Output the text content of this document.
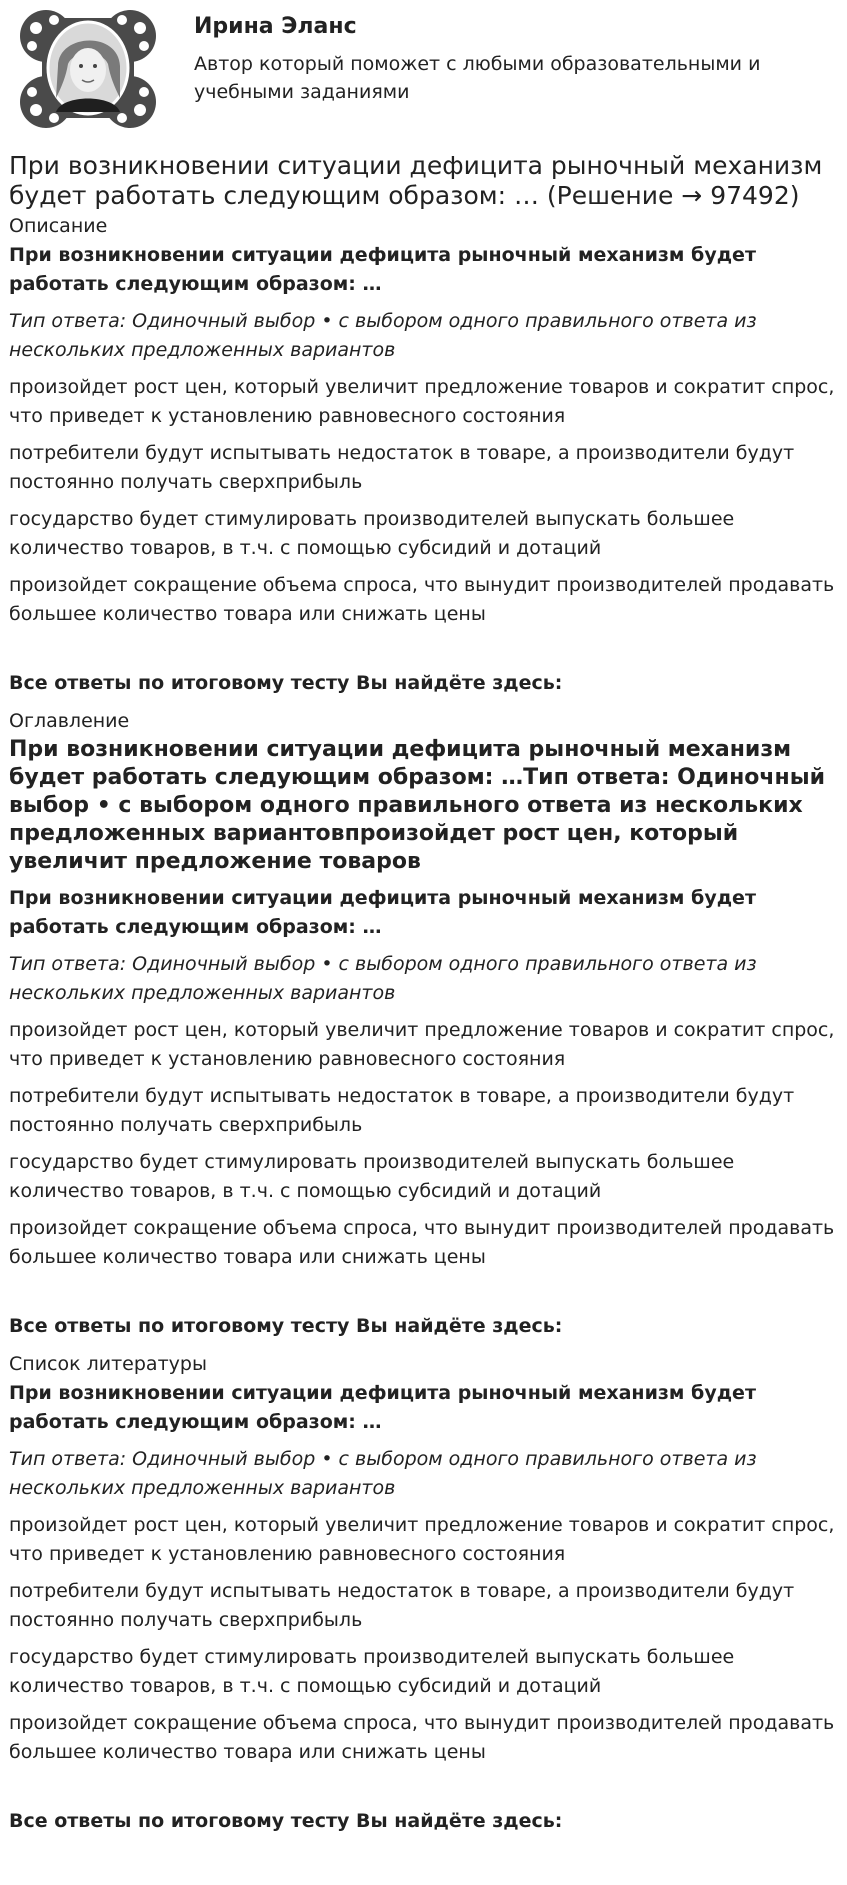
Ирина Эланс
Автор который поможет с любыми образовательными и учебными заданиями
При возникновении ситуации дефицита рыночный механизм будет работать следующим образом: … (Решение → 97492)
Описание
При возникновении ситуации дефицита рыночный механизм будет работать следующим образом: …
Тип ответа: Одиночный выбор • с выбором одного правильного ответа из нескольких предложенных вариантов
произойдет рост цен, который увеличит предложение товаров и сократит спрос, что приведет к установлению равновесного состояния
потребители будут испытывать недостаток в товаре, а производители будут постоянно получать сверхприбыль
государство будет стимулировать производителей выпускать большее количество товаров, в т.ч. с помощью субсидий и дотаций
произойдет сокращение объема спроса, что вынудит производителей продавать большее количество товара или снижать цены
Все ответы по итоговому тесту Вы найдёте здесь:
Оглавление
При возникновении ситуации дефицита рыночный механизм будет работать следующим образом: …Тип ответа: Одиночный выбор • с выбором одного правильного ответа из нескольких предложенных вариантовпроизойдет рост цен, который увеличит предложение товаров
При возникновении ситуации дефицита рыночный механизм будет работать следующим образом: …
Тип ответа: Одиночный выбор • с выбором одного правильного ответа из нескольких предложенных вариантов
произойдет рост цен, который увеличит предложение товаров и сократит спрос, что приведет к установлению равновесного состояния
потребители будут испытывать недостаток в товаре, а производители будут постоянно получать сверхприбыль
государство будет стимулировать производителей выпускать большее количество товаров, в т.ч. с помощью субсидий и дотаций
произойдет сокращение объема спроса, что вынудит производителей продавать большее количество товара или снижать цены
Все ответы по итоговому тесту Вы найдёте здесь:
Список литературы
При возникновении ситуации дефицита рыночный механизм будет работать следующим образом: …
Тип ответа: Одиночный выбор • с выбором одного правильного ответа из нескольких предложенных вариантов
произойдет рост цен, который увеличит предложение товаров и сократит спрос, что приведет к установлению равновесного состояния
потребители будут испытывать недостаток в товаре, а производители будут постоянно получать сверхприбыль
государство будет стимулировать производителей выпускать большее количество товаров, в т.ч. с помощью субсидий и дотаций
произойдет сокращение объема спроса, что вынудит производителей продавать большее количество товара или снижать цены
Все ответы по итоговому тесту Вы найдёте здесь:
